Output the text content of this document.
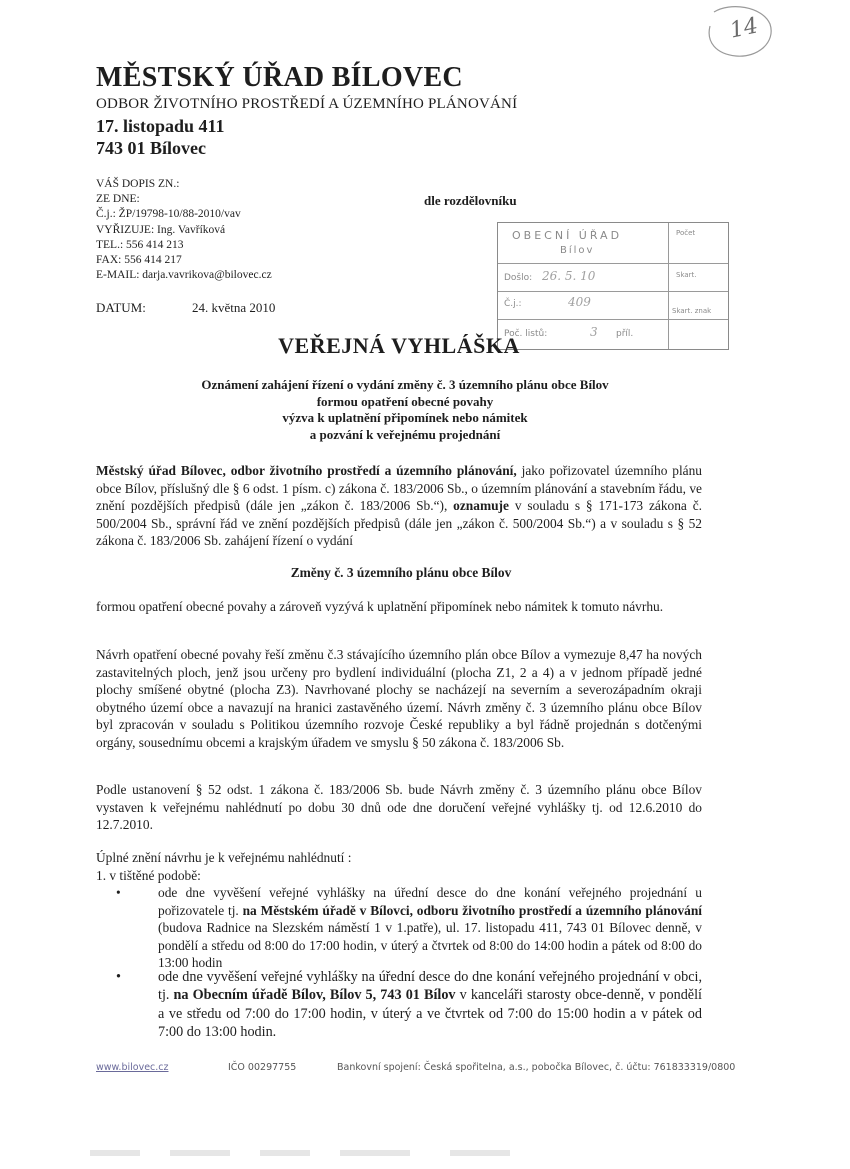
14
MĚSTSKÝ ÚŘAD BÍLOVEC
ODBOR ŽIVOTNÍHO PROSTŘEDÍ A ÚZEMNÍHO PLÁNOVÁNÍ
17. listopadu 411
743 01 Bílovec
VÁŠ DOPIS ZN.:
ZE DNE:
Č.j.: ŽP/19798-10/88-2010/vav
VYŘIZUJE: Ing. Vavříková
TEL.: 556 414 213
FAX: 556 414 217
E-MAIL: darja.vavrikova@bilovec.cz
DATUM:	24. května 2010
dle rozdělovníku
OBECNÍ ÚŘAD
Bílov
Došlo: 26. 5. 10
Č.j.:	409
Poč. listů:	3 příl.
Počet
Skart.
Skart. znak
VEŘEJNÁ VYHLÁŠKA
Oznámení zahájení řízení o vydání změny č. 3 územního plánu obce Bílov
formou opatření obecné povahy
výzva k uplatnění připomínek nebo námitek
a pozvání k veřejnému projednání
Městský úřad Bílovec, odbor životního prostředí a územního plánování, jako pořizovatel územního plánu obce Bílov, příslušný dle § 6 odst. 1 písm. c) zákona č. 183/2006 Sb., o územním plánování a stavebním řádu, ve znění pozdějších předpisů (dále jen „zákon č. 183/2006 Sb.“), oznamuje v souladu s § 171-173 zákona č. 500/2004 Sb., správní řád ve znění pozdějších předpisů (dále jen „zákon č. 500/2004 Sb.“) a v souladu s § 52 zákona č. 183/2006 Sb. zahájení řízení o vydání
Změny č. 3 územního plánu obce Bílov
formou opatření obecné povahy a zároveň vyzývá k uplatnění připomínek nebo námitek k tomuto návrhu.
Návrh opatření obecné povahy řeší změnu č.3 stávajícího územního plán obce Bílov a vymezuje 8,47 ha nových zastavitelných ploch, jenž jsou určeny pro bydlení individuální (plocha Z1, 2 a 4) a v jednom případě jedné plochy smíšené obytné (plocha Z3). Navrhované plochy se nacházejí na severním a severozápadním okraji obytného území obce a navazují na hranici zastavěného území. Návrh změny č. 3 územního plánu obce Bílov byl zpracován v souladu s Politikou územního rozvoje České republiky a byl řádně projednán s dotčenými orgány, sousednímu obcemi a krajským úřadem ve smyslu § 50 zákona č. 183/2006 Sb.
Podle ustanovení § 52 odst. 1 zákona č. 183/2006 Sb. bude Návrh změny č. 3 územního plánu obce Bílov vystaven k veřejnému nahlédnutí po dobu 30 dnů ode dne doručení veřejné vyhlášky tj. od 12.6.2010 do 12.7.2010.
Úplné znění návrhu je k veřejnému nahlédnutí :
1. v tištěné podobě:
•	ode dne vyvěšení veřejné vyhlášky na úřední desce do dne konání veřejného projednání u pořizovatele tj. na Městském úřadě v Bílovci, odboru životního prostředí a územního plánování (budova Radnice na Slezském náměstí 1 v 1.patře), ul. 17. listopadu 411, 743 01 Bílovec denně, v pondělí a středu od 8:00 do 17:00 hodin, v úterý a čtvrtek od 8:00 do 14:00 hodin a pátek od 8:00 do 13:00 hodin
•	ode dne vyvěšení veřejné vyhlášky na úřední desce do dne konání veřejného projednání v obci, tj. na Obecním úřadě Bílov, Bílov 5, 743 01 Bílov v kanceláři starosty obce-denně, v pondělí a ve středu od 7:00 do 17:00 hodin, v úterý a ve čtvrtek od 7:00 do 15:00 hodin a v pátek od 7:00 do 13:00 hodin.
www.bilovec.cz	IČO 00297755	Bankovní spojení: Česká spořitelna, a.s., pobočka Bílovec, č. účtu: 761833319/0800
